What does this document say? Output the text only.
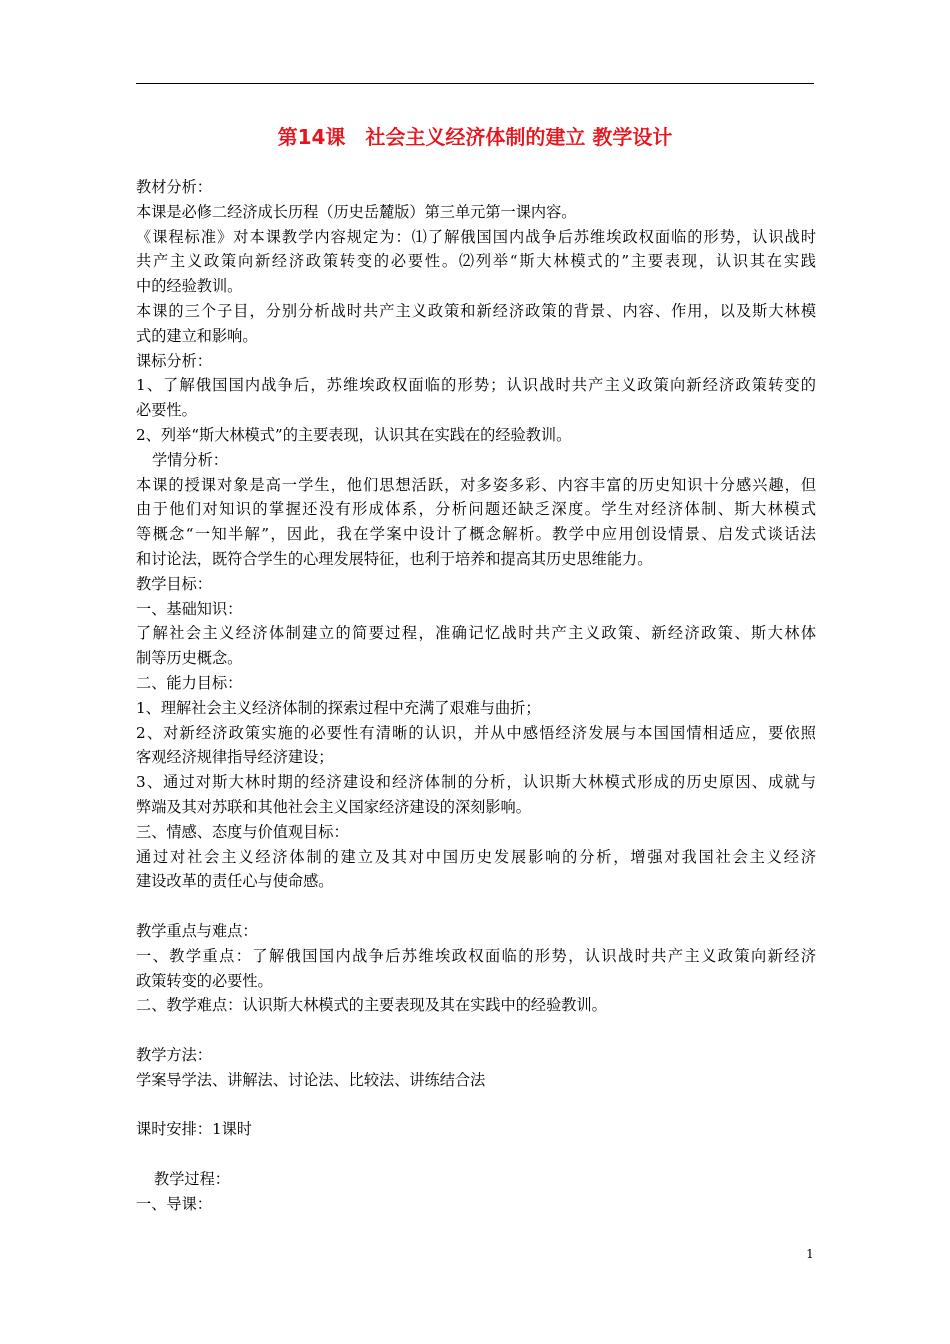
第14课　社会主义经济体制的建立 教学设计
教材分析：
本课是必修二经济成长历程（历史岳麓版）第三单元第一课内容。
《课程标准》对本课教学内容规定为：⑴了解俄国国内战争后苏维埃政权面临的形势，认识战时
共产主义政策向新经济政策转变的必要性。⑵列举“斯大林模式的”主要表现，认识其在实践
中的经验教训。
本课的三个子目，分别分析战时共产主义政策和新经济政策的背景、内容、作用，以及斯大林模
式的建立和影响。
课标分析：
1、了解俄国国内战争后，苏维埃政权面临的形势；认识战时共产主义政策向新经济政策转变的
必要性。
2、列举“斯大林模式”的主要表现，认识其在实践在的经验教训。
学情分析：
本课的授课对象是高一学生，他们思想活跃，对多姿多彩、内容丰富的历史知识十分感兴趣，但
由于他们对知识的掌握还没有形成体系，分析问题还缺乏深度。学生对经济体制、斯大林模式
等概念“一知半解”，因此，我在学案中设计了概念解析。教学中应用创设情景、启发式谈话法
和讨论法，既符合学生的心理发展特征，也利于培养和提高其历史思维能力。
教学目标：
一、基础知识：
了解社会主义经济体制建立的简要过程，准确记忆战时共产主义政策、新经济政策、斯大林体
制等历史概念。
二、能力目标：
1、理解社会主义经济体制的探索过程中充满了艰难与曲折；
2、对新经济政策实施的必要性有清晰的认识，并从中感悟经济发展与本国国情相适应，要依照
客观经济规律指导经济建设；
3、通过对斯大林时期的经济建设和经济体制的分析，认识斯大林模式形成的历史原因、成就与
弊端及其对苏联和其他社会主义国家经济建设的深刻影响。
三、情感、态度与价值观目标：
通过对社会主义经济体制的建立及其对中国历史发展影响的分析，增强对我国社会主义经济
建设改革的责任心与使命感。
教学重点与难点：
一、教学重点：了解俄国国内战争后苏维埃政权面临的形势，认识战时共产主义政策向新经济
政策转变的必要性。
二、教学难点：认识斯大林模式的主要表现及其在实践中的经验教训。
教学方法：
学案导学法、讲解法、讨论法、比较法、讲练结合法
课时安排：1课时
教学过程：
一、导课：
1
